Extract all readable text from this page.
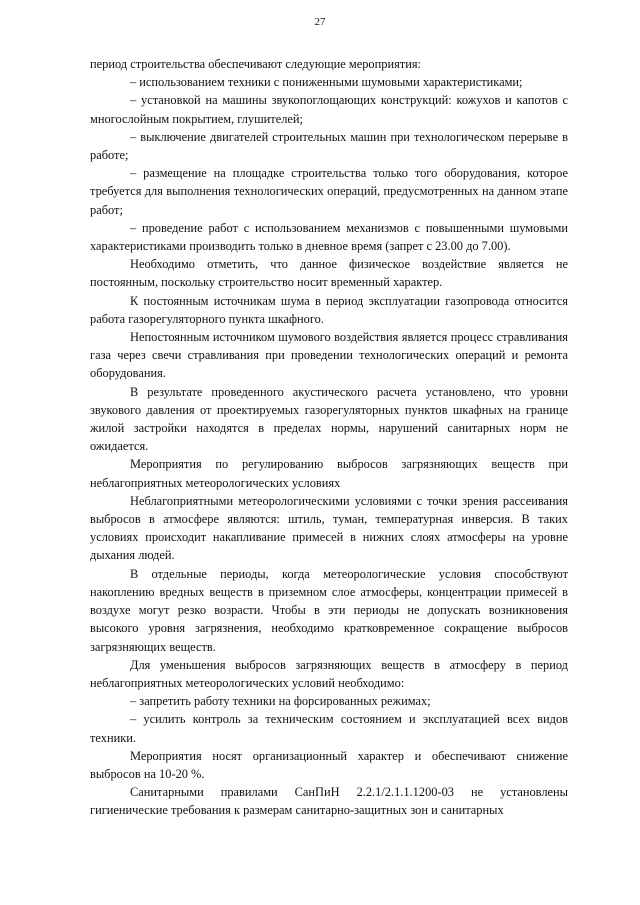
27

период строительства обеспечивают следующие мероприятия:

– использованием техники с пониженными шумовыми характеристиками;

– установкой на машины звукопоглощающих конструкций: кожухов и капотов с многослойным покрытием, глушителей;

– выключение двигателей строительных машин при технологическом перерыве в работе;

– размещение на площадке строительства только того оборудования, которое требуется для выполнения технологических операций, предусмотренных на данном этапе работ;

– проведение работ с использованием механизмов с повышенными шумовыми характеристиками производить только в дневное время (запрет с 23.00 до 7.00).

Необходимо отметить, что данное физическое воздействие является не постоянным, поскольку строительство носит временный характер.

К постоянным источникам шума в период эксплуатации газопровода относится работа газорегуляторного пункта шкафного.

Непостоянным источником шумового воздействия является процесс стравливания газа через свечи стравливания при проведении технологических операций и ремонта оборудования.

В результате проведенного акустического расчета установлено, что уровни звукового давления от проектируемых газорегуляторных пунктов шкафных на границе жилой застройки находятся в пределах нормы, нарушений санитарных норм не ожидается.

Мероприятия по регулированию выбросов загрязняющих веществ при неблагоприятных метеорологических условиях

Неблагоприятными метеорологическими условиями с точки зрения рассеивания выбросов в атмосфере являются: штиль, туман, температурная инверсия. В таких условиях происходит накапливание примесей в нижних слоях атмосферы на уровне дыхания людей.

В отдельные периоды, когда метеорологические условия способствуют накоплению вредных веществ в приземном слое атмосферы, концентрации примесей в воздухе могут резко возрасти. Чтобы в эти периоды не допускать возникновения высокого уровня загрязнения, необходимо кратковременное сокращение выбросов загрязняющих веществ.

Для уменьшения выбросов загрязняющих веществ в атмосферу в период неблагоприятных метеорологических условий необходимо:

– запретить работу техники на форсированных режимах;

– усилить контроль за техническим состоянием и эксплуатацией всех видов техники.

Мероприятия носят организационный характер и обеспечивают снижение выбросов на 10-20 %.

Санитарными правилами СанПиН 2.2.1/2.1.1.1200-03 не установлены гигиенические требования к размерам санитарно-защитных зон и санитарных
